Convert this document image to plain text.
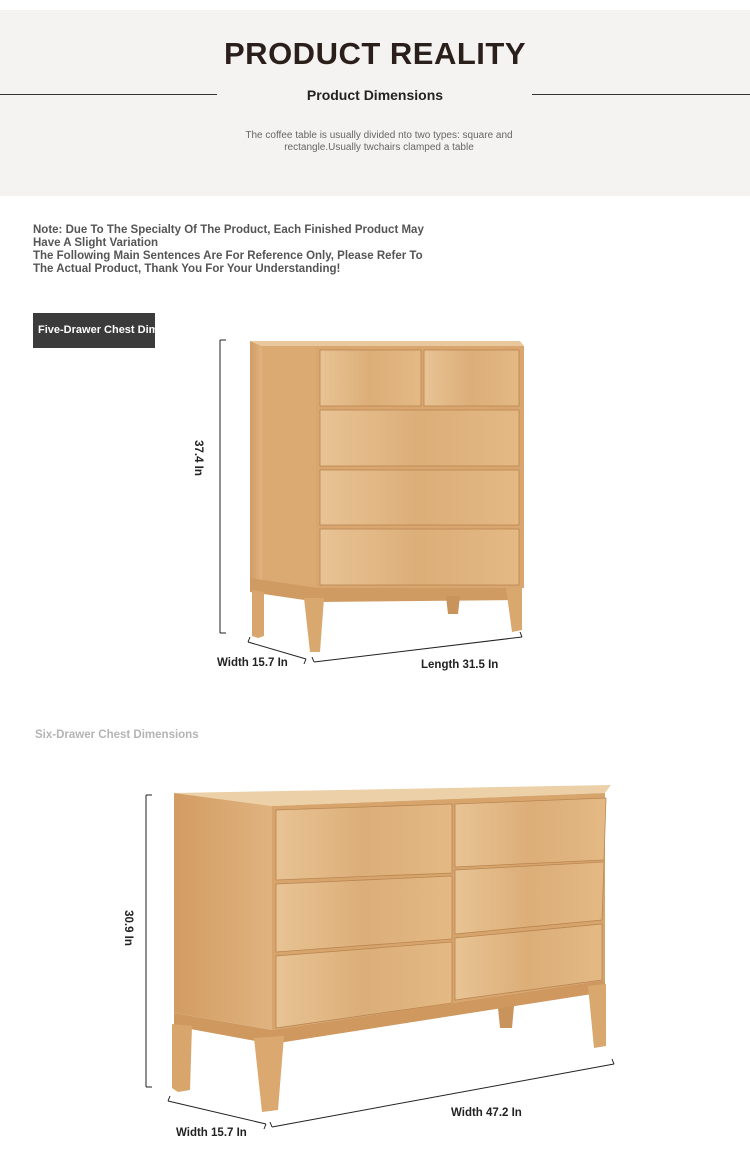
PRODUCT REALITY
Product Dimensions
The coffee table is usually divided nto two types: square and rectangle.Usually twchairs clamped a table
Note: Due To The Specialty Of The Product, Each Finished Product May Have A Slight Variation
The Following Main Sentences Are For Reference Only, Please Refer To The Actual Product, Thank You For Your Understanding!
Five-Drawer Chest Dimensions
37.4 In
Width 15.7 In	Length 31.5 In
Six-Drawer Chest Dimensions
30.9 In
Width 15.7 In
Width 47.2 In
